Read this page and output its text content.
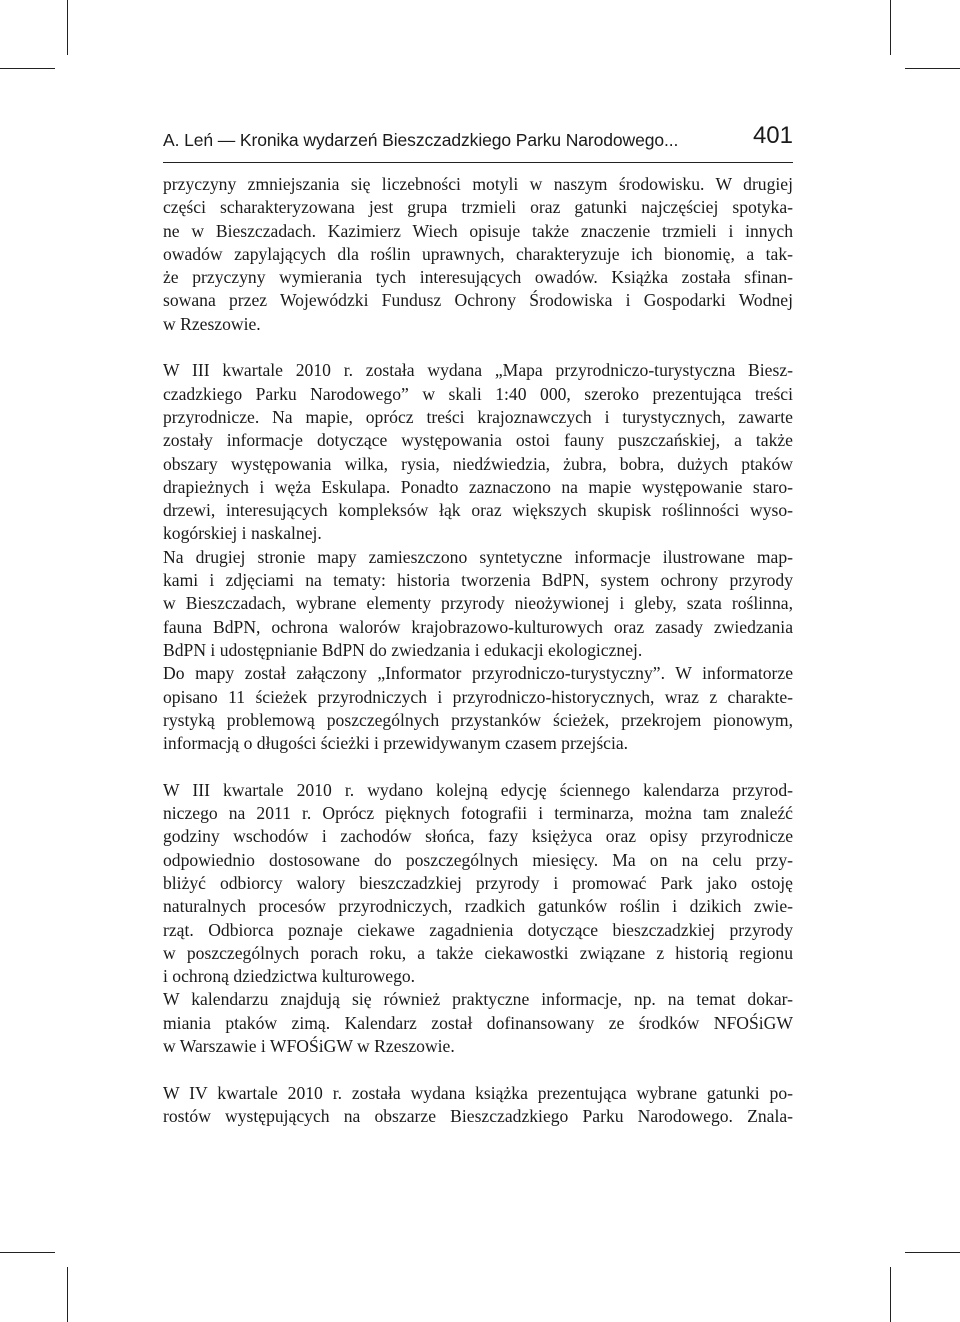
A. Leń — Kronika wydarzeń Bieszczadzkiego Parku Narodowego...	401
przyczyny zmniejszania się liczebności motyli w naszym środowisku. W drugiej
części scharakteryzowana jest grupa trzmieli oraz gatunki najczęściej spotyka-
ne w Bieszczadach. Kazimierz Wiech opisuje także znaczenie trzmieli i innych
owadów zapylających dla roślin uprawnych, charakteryzuje ich bionomię, a tak-
że przyczyny wymierania tych interesujących owadów. Książka została sfinan-
sowana przez Wojewódzki Fundusz Ochrony Środowiska i Gospodarki Wodnej
w Rzeszowie.
W III kwartale 2010 r. została wydana „Mapa przyrodniczo-turystyczna Biesz-
czadzkiego Parku Narodowego” w skali 1:40 000, szeroko prezentująca treści
przyrodnicze. Na mapie, oprócz treści krajoznawczych i turystycznych, zawarte
zostały informacje dotyczące występowania ostoi fauny puszczańskiej, a także
obszary występowania wilka, rysia, niedźwiedzia, żubra, bobra, dużych ptaków
drapieżnych i węża Eskulapa. Ponadto zaznaczono na mapie występowanie staro-
drzewi, interesujących kompleksów łąk oraz większych skupisk roślinności wyso-
kogórskiej i naskalnej.
Na drugiej stronie mapy zamieszczono syntetyczne informacje ilustrowane map-
kami i zdjęciami na tematy: historia tworzenia BdPN, system ochrony przyrody
w Bieszczadach, wybrane elementy przyrody nieożywionej i gleby, szata roślinna,
fauna BdPN, ochrona walorów krajobrazowo-kulturowych oraz zasady zwiedzania
BdPN i udostępnianie BdPN do zwiedzania i edukacji ekologicznej.
Do mapy został załączony „Informator przyrodniczo-turystyczny”. W informatorze
opisano 11 ścieżek przyrodniczych i przyrodniczo-historycznych, wraz z charakte-
rystyką problemową poszczególnych przystanków ścieżek, przekrojem pionowym,
informacją o długości ścieżki i przewidywanym czasem przejścia.
W III kwartale 2010 r. wydano kolejną edycję ściennego kalendarza przyrod-
niczego na 2011 r. Oprócz pięknych fotografii i terminarza, można tam znaleźć
godziny wschodów i zachodów słońca, fazy księżyca oraz opisy przyrodnicze
odpowiednio dostosowane do poszczególnych miesięcy. Ma on na celu przy-
bliżyć odbiorcy walory bieszczadzkiej przyrody i promować Park jako ostoję
naturalnych procesów przyrodniczych, rzadkich gatunków roślin i dzikich zwie-
rząt. Odbiorca poznaje ciekawe zagadnienia dotyczące bieszczadzkiej przyrody
w poszczególnych porach roku, a także ciekawostki związane z historią regionu
i ochroną dziedzictwa kulturowego.
W kalendarzu znajdują się również praktyczne informacje, np. na temat dokar-
miania ptaków zimą. Kalendarz został dofinansowany ze środków NFOŚiGW
w Warszawie i WFOŚiGW w Rzeszowie.
W IV kwartale 2010 r. została wydana książka prezentująca wybrane gatunki po-
rostów występujących na obszarze Bieszczadzkiego Parku Narodowego. Znala-
